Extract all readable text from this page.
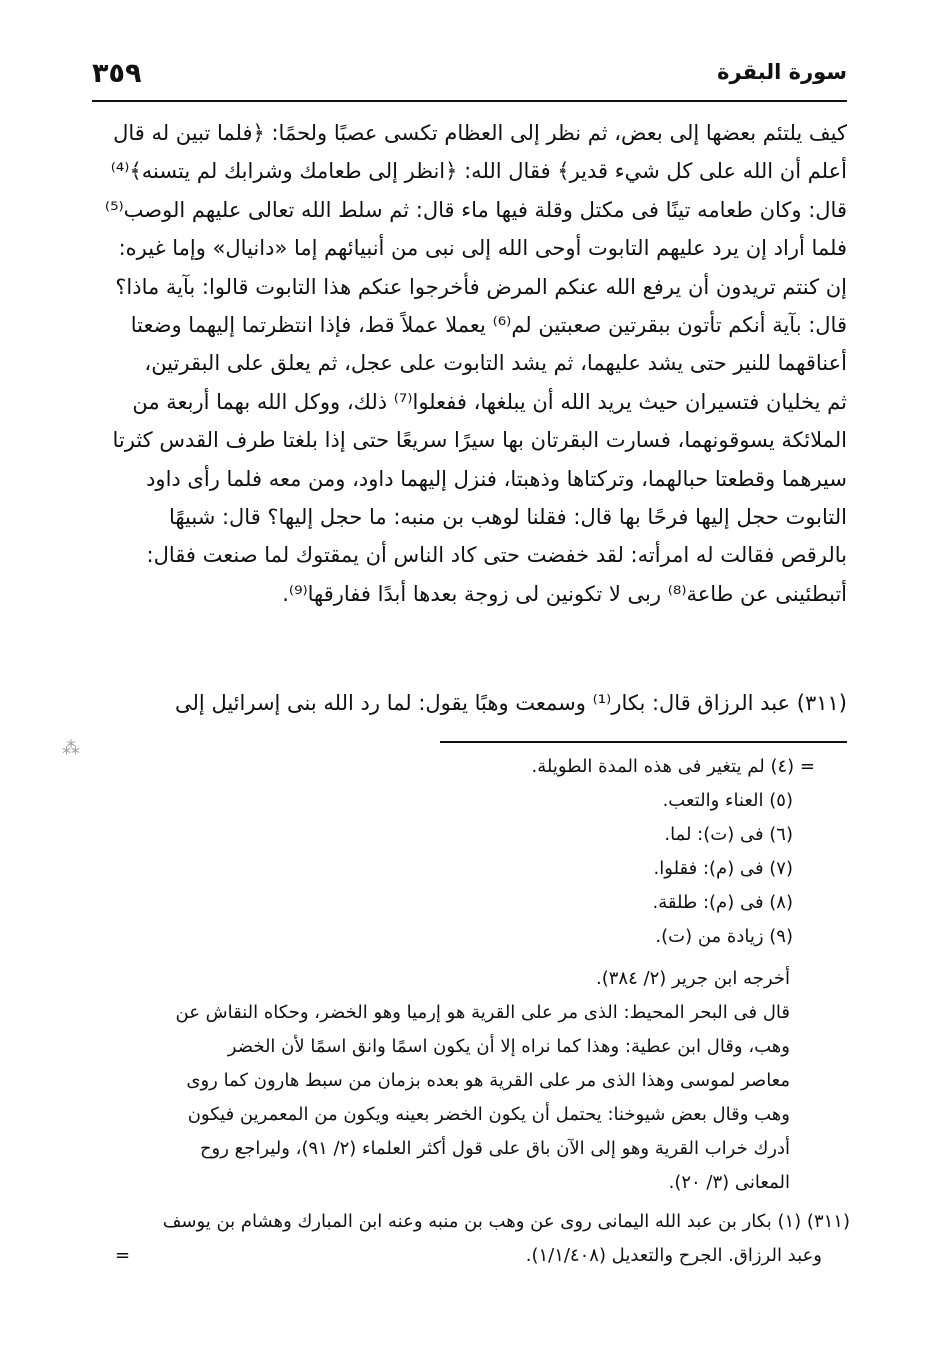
سورة البقرة
٣٥٩
كيف يلتئم بعضها إلى بعض، ثم نظر إلى العظام تكسى عصبًا ولحمًا: ﴿فلما تبين له قال
أعلم أن الله على كل شيء قدير﴾ فقال الله: ﴿انظر إلى طعامك وشرابك لم يتسنه﴾⁽⁴⁾
قال: وكان طعامه تينًا فى مكتل وقلة فيها ماء قال: ثم سلط الله تعالى عليهم الوصب⁽⁵⁾
فلما أراد إن يرد عليهم التابوت أوحى الله إلى نبى من أنبيائهم إما «دانيال» وإما غيره:
إن كنتم تريدون أن يرفع الله عنكم المرض فأخرجوا عنكم هذا التابوت قالوا: بآية ماذا؟
قال: بآية أنكم تأتون ببقرتين صعبتين لم⁽⁶⁾ يعملا عملاً قط، فإذا انتظرتما إليهما وضعتا
أعناقهما للنير حتى يشد عليهما، ثم يشد التابوت على عجل، ثم يعلق على البقرتين،
ثم يخليان فتسيران حيث يريد الله أن يبلغها، ففعلوا⁽⁷⁾ ذلك، ووكل الله بهما أربعة من
الملائكة يسوقونهما، فسارت البقرتان بها سيرًا سريعًا حتى إذا بلغتا طرف القدس كثرتا
سيرهما وقطعتا حبالهما، وتركتاها وذهبتا، فنزل إليهما داود، ومن معه فلما رأى داود
التابوت حجل إليها فرحًا بها قال: فقلنا لوهب بن منبه: ما حجل إليها؟ قال: شبيهًا
بالرقص فقالت له امرأته: لقد خفضت حتى كاد الناس أن يمقتوك لما صنعت فقال:
أتبطئينى عن طاعة⁽⁸⁾ ربى لا تكونين لى زوجة بعدها أبدًا ففارقها⁽⁹⁾.

(٣١١) عبد الرزاق قال: بكار⁽¹⁾ وسمعت وهبًا يقول: لما رد الله بنى إسرائيل إلى

⁂
= (٤) لم يتغير فى هذه المدة الطويلة.
(٥) العناء والتعب.
(٦) فى (ت): لما.
(٧) فى (م): فقلوا.
(٨) فى (م): طلقة.
(٩) زيادة من (ت).
أخرجه ابن جرير (٢/ ٣٨٤).
قال فى البحر المحيط: الذى مر على القرية هو إرميا وهو الخضر، وحكاه النقاش عن
وهب، وقال ابن عطية: وهذا كما نراه إلا أن يكون اسمًا وانق اسمًا لأن الخضر
معاصر لموسى وهذا الذى مر على القرية هو بعده بزمان من سبط هارون كما روى
وهب وقال بعض شيوخنا: يحتمل أن يكون الخضر بعينه ويكون من المعمرين فيكون
أدرك خراب القرية وهو إلى الآن باق على قول أكثر العلماء (٢/ ٩١)، وليراجع روح
المعانى (٣/ ٢٠).
(٣١١) (١) بكار بن عبد الله اليمانى روى عن وهب بن منبه وعنه ابن المبارك وهشام بن يوسف
وعبد الرزاق. الجرح والتعديل (١/١/٤٠٨).
=
